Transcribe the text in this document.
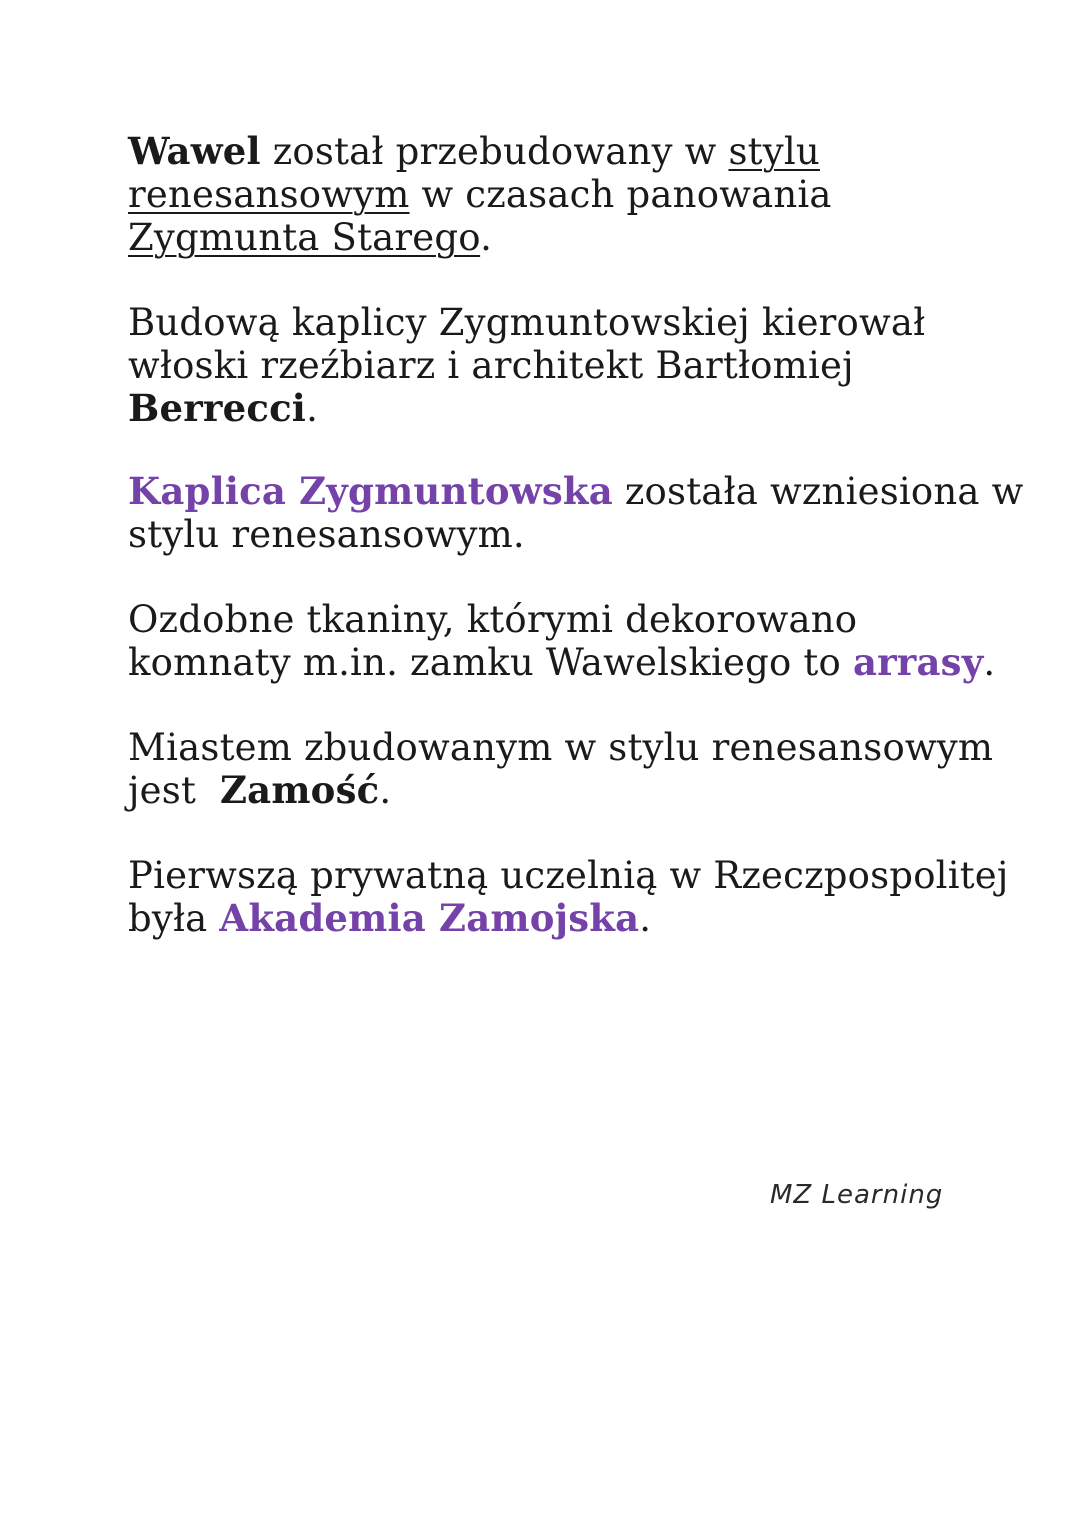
Wawel został przebudowany w stylu
renesansowym w czasach panowania
Zygmunta Starego.

Budową kaplicy Zygmuntowskiej kierował
włoski rzeźbiarz i architekt Bartłomiej
Berrecci.

Kaplica Zygmuntowska została wzniesiona w
stylu renesansowym.

Ozdobne tkaniny, którymi dekorowano
komnaty m.in. zamku Wawelskiego to arrasy.

Miastem zbudowanym w stylu renesansowym
jest  Zamość.

Pierwszą prywatną uczelnią w Rzeczpospolitej
była Akademia Zamojska.

MZ Learning
